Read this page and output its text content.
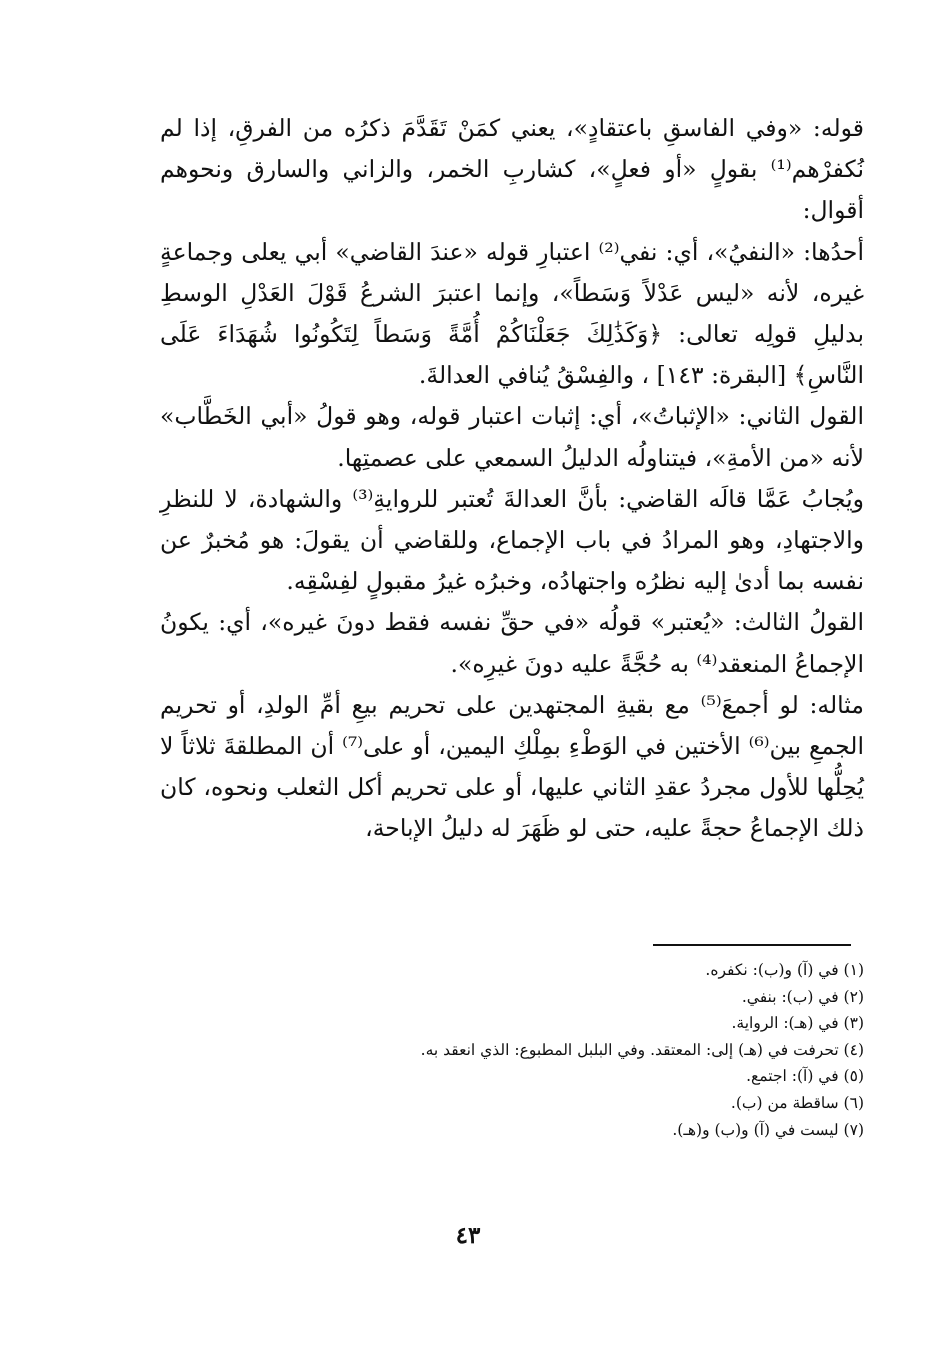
قوله: «وفي الفاسقِ باعتقادٍ»، يعني كمَنْ تَقَدَّمَ ذكرُه من الفرقِ، إذا لم نُكفرْهم⁽¹⁾ بقولٍ «أو فعلٍ»، كشاربِ الخمر، والزاني والسارق ونحوهم أقوال:

أحدُها: «النفيُ»، أي: نفي⁽²⁾ اعتبارِ قوله «عندَ القاضي» أبي يعلى وجماعةٍ غيره، لأنه «ليس عَدْلاً وَسَطاً»، وإنما اعتبرَ الشرعُ قَوْلَ العَدْلِ الوسطِ بدليلِ قولِه تعالى: ﴿وَكَذَٰلِكَ جَعَلْنَاكُمْ أُمَّةً وَسَطاً لِتَكُونُوا شُهَدَاءَ عَلَى النَّاسِ﴾ [البقرة: ١٤٣] ، والفِسْقُ يُنافي العدالةَ.

القول الثاني: «الإثباتُ»، أي: إثبات اعتبار قوله، وهو قولُ «أبي الخَطَّاب» لأنه «من الأمةِ»، فيتناولُه الدليلُ السمعي على عصمتِها.

ويُجابُ عَمَّا قالَه القاضي: بأنَّ العدالةَ تُعتبر للروايةِ⁽³⁾ والشهادة، لا للنظرِ والاجتهادِ، وهو المرادُ في باب الإجماع، وللقاضي أن يقولَ: هو مُخبرٌ عن نفسه بما أدىٰ إليه نظرُه واجتهادُه، وخبرُه غيرُ مقبولٍ لفِسْقِه.

القولُ الثالث: «يُعتبر» قولُه «في حقِّ نفسه فقط دونَ غيره»، أي: يكونُ الإجماعُ المنعقد⁽⁴⁾ به حُجَّةً عليه دونَ غيرِه».

مثاله: لو أجمعَ⁽⁵⁾ مع بقيةِ المجتهدين على تحريم بيعِ أمِّ الولدِ، أو تحريم الجمعِ بين⁽⁶⁾ الأختين في الوَطْءِ بمِلْكِ اليمين، أو على⁽⁷⁾ أن المطلقةَ ثلاثاً لا يُحِلُّها للأول مجردُ عقدِ الثاني عليها، أو على تحريم أكل الثعلب ونحوه، كان ذلك الإجماعُ حجةً عليه، حتى لو ظَهَرَ له دليلُ الإباحة،

(١) في (آ) و(ب): نكفره.

(٢) في (ب): بنفي.

(٣) في (هـ): الرواية.

(٤) تحرفت في (هـ) إلى: المعتقد. وفي البلبل المطبوع: الذي انعقد به.

(٥) في (آ): اجتمع.

(٦) ساقطة من (ب).

(٧) ليست في (آ) و(ب) و(هـ).

٤٣
